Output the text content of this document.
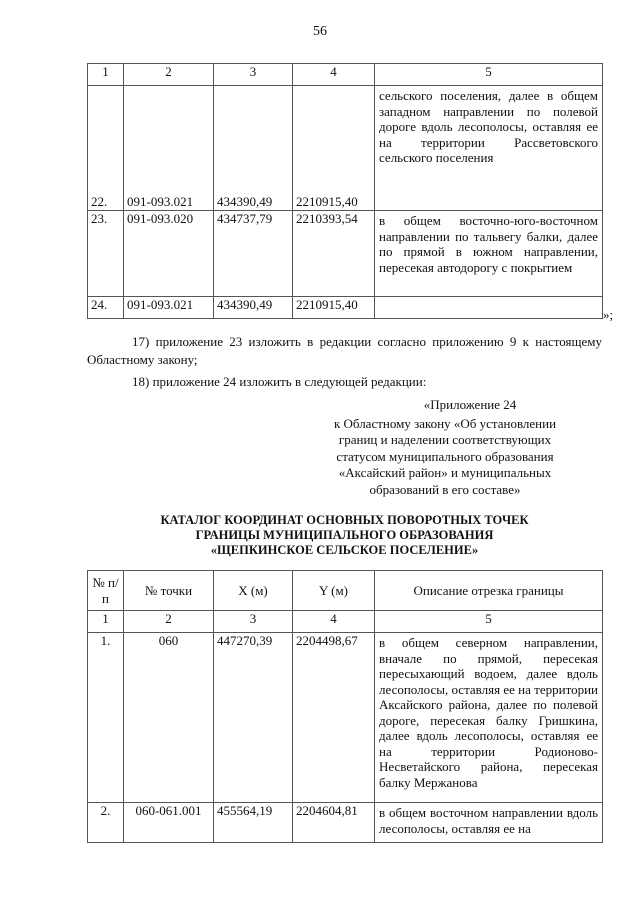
56
1	2	3	4	5

22.	091-093.021	434390,49	2210915,40	сельского поселения, далее в общем западном направлении по полевой дороге вдоль лесополосы, оставляя ее на территории Рассветовского сельского поселения

23.	091-093.020	434737,79	2210393,54	в общем восточно-юго-восточном направлении по тальвегу балки, далее по прямой в южном направлении, пересекая автодорогу с покрытием
24.	091-093.021	434390,49	2210915,40	
»;
17) приложение 23 изложить в редакции согласно приложению 9 к настоящему Областному закону;
18) приложение 24 изложить в следующей редакции:
«Приложение 24
к Областному закону «Об установлении
границ и наделении соответствующих
статусом муниципального образования
«Аксайский район» и муниципальных
образований в его составе»
КАТАЛОГ КООРДИНАТ ОСНОВНЫХ ПОВОРОТНЫХ ТОЧЕК
ГРАНИЦЫ МУНИЦИПАЛЬНОГО ОБРАЗОВАНИЯ
«ЩЕПКИНСКОЕ СЕЛЬСКОЕ ПОСЕЛЕНИЕ»
№ п/п	№ точки	X (м)	Y (м)	Описание отрезка границы
1	2	3	4	5
1.	060	447270,39	2204498,67	в общем северном направлении, вначале по прямой, пересекая пересыхающий водоем, далее вдоль лесополосы, оставляя ее на территории Аксайского района, далее по полевой дороге, пересекая балку Гришкина, далее вдоль лесополосы, оставляя ее на территории Родионово-Несветайского района, пересекая балку Мержанова
2.	060-061.001	455564,19	2204604,81	в общем восточном направлении вдоль лесополосы, оставляя ее на
